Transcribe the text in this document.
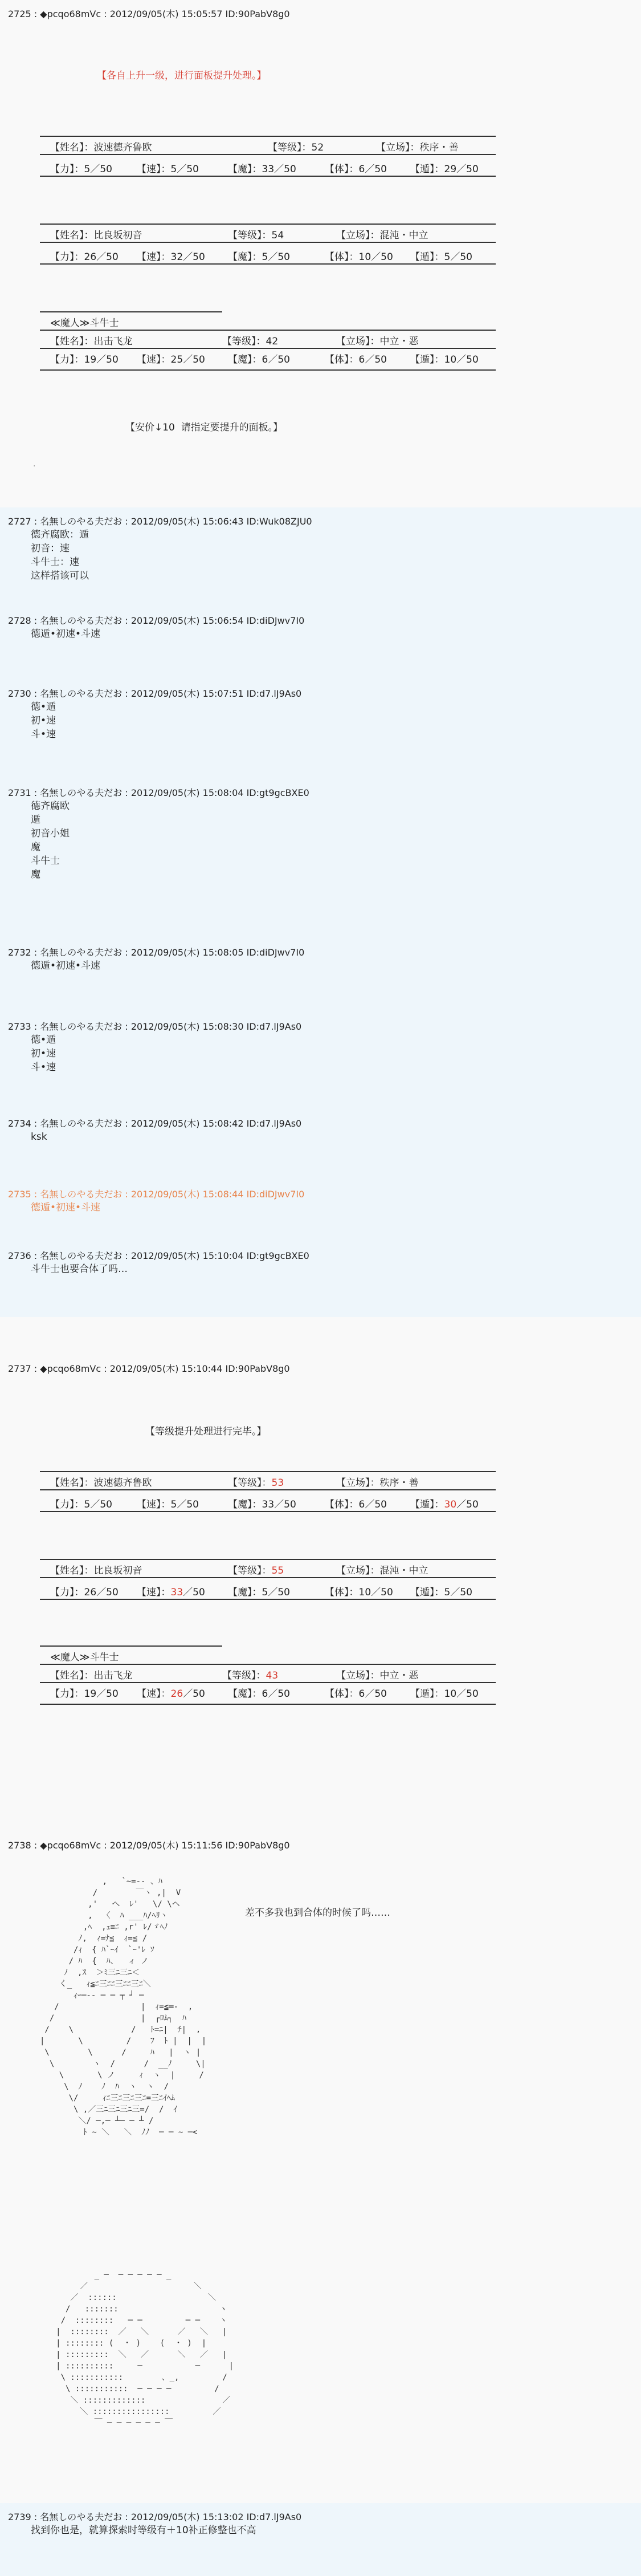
2725 : ◆pcqo68mVc : 2012/09/05(木) 15:05:57 ID:90PabV8g0
【各自上升一级，进行面板提升处理。】
【姓名】：波速德齐鲁欧	【等级】：52	【立场】：秩序・善
【力】：5／50	【速】：5／50	【魔】：33／50	【体】：6／50 【遁】：29／50
【姓名】：比良坂初音	【等级】：54	【立场】：混沌・中立
【力】：26／50 【速】：32／50 【魔】：5／50	【体】：10／50 【遁】：5／50
≪魔人≫斗牛士
【姓名】：出击飞龙	【等级】：42	【立场】：中立・恶
【力】：19／50 【速】：25／50 【魔】：6／50	【体】：6／50 【遁】：10／50
【安价↓10  请指定要提升的面板。】
.
2727 : 名無しのやる夫だお : 2012/09/05(木) 15:06:43 ID:Wuk08ZJU0
德齐腐欧：遁
初音：速
斗牛士：速
这样搭该可以
2728 : 名無しのやる夫だお : 2012/09/05(木) 15:06:54 ID:diDJwv7I0
德遁•初速•斗速
2730 : 名無しのやる夫だお : 2012/09/05(木) 15:07:51 ID:d7.lJ9As0
德•遁
初•速
斗•速
2731 : 名無しのやる夫だお : 2012/09/05(木) 15:08:04 ID:gt9gcBXE0
德齐腐欧
遁
初音小姐
魔
斗牛士
魔
2732 : 名無しのやる夫だお : 2012/09/05(木) 15:08:05 ID:diDJwv7I0
德遁•初速•斗速
2733 : 名無しのやる夫だお : 2012/09/05(木) 15:08:30 ID:d7.lJ9As0
德•遁
初•速
斗•速
2734 : 名無しのやる夫だお : 2012/09/05(木) 15:08:42 ID:d7.lJ9As0
ksk
2735 : 名無しのやる夫だお : 2012/09/05(木) 15:08:44 ID:diDJwv7I0
德遁•初速•斗速
2736 : 名無しのやる夫だお : 2012/09/05(木) 15:10:04 ID:gt9gcBXE0
斗牛士也要合体了吗…
2737 : ◆pcqo68mVc : 2012/09/05(木) 15:10:44 ID:90PabV8g0
【等级提升处理进行完毕。】
【姓名】：波速德齐鲁欧	【等级】：53	【立场】：秩序・善
【力】：5／50	【速】：5／50	【魔】：33／50	【体】：6／50 【遁】：30／50
【姓名】：比良坂初音	【等级】：55	【立场】：混沌・中立
【力】：26／50 【速】：33／50 【魔】：5／50	【体】：10／50 【遁】：5／50
≪魔人≫斗牛士
【姓名】：出击飞龙	【等级】：43	【立场】：中立・恶
【力】：19／50 【速】：26／50 【魔】：6／50	【体】：6／50 【遁】：10／50
2738 : ◆pcqo68mVc : 2012/09/05(木) 15:11:56 ID:90PabV8g0
,   `~=-- 、ﾊ
/        ￣ヽ ,|  V
,'   へ  ﾚ'   \/ \ヘ
,  〈  ﾊ ___ﾊ/ﾍﾘヽ
,ﾍ  ,ｪ≡ﾆ ,r' ﾚ/ゞﾍﾉ
ﾉ,  ｨ=ﾅ≦  ｨ=≦ /
/ｨ  { ﾊ`ｰｲ  `ｰ'ﾚ ｿ
/ ﾊ  {  ﾊ、  ィ ノ
ﾉ  ,ｽ  ＞ﾐ三ﾆ三ﾆ＜
く_   ｨ≦ﾆ三ﾆﾆ三ﾆﾆ三ﾆ＼
ｨｰ─-- ─ ─ ┬ ┘ ─
/                 |  ｨ=≦═-  ,
/                  |  ┌ﾛﾑ┐  ﾊ
/    \            /   ﾄ=ﾆ|  ﾁ|  ,
|       \         /    ﾌ  ﾄ |  |  |
\        \      /     ﾊ   |  ヽ |
\        ヽ  /      /  __ﾉ     \|
\       \ ノ     ｨ  ヽ  |     /
\  ﾉ    ﾉ  ﾊ  ヽ  ヽ  /
\/     ｨﾆ三ﾆ三ﾆ三ﾆ=三ﾆｲﾍﾑ
\ ,／三ﾆ三ﾆ三ﾆ三=/  /  ｲ
＼/ ─,─ ┴─ ─ ┴ /
ﾄ ~ ＼   ＼  ﾉﾉ  ─ ─ ~ ─<
差不多我也到合体的时候了吗……
_ ─  ─ ─ ─ ─ ─ _
／                      ＼
／  ::::::                   ＼
/   :::::::                     ヽ
/  ::::::::   ─ ─         ─ ─    ヽ
|  ::::::::  ／   ＼      ／   ＼   |
| :::::::: (  ・ )    (  ・ )  |
| :::::::::  ＼   ／      ＼   ／   |
| ::::::::::     ─           ─      |
\ :::::::::::        、_,         /
\ :::::::::::  ─ ─ ─ ─         /
＼ :::::::::::::                ／
＼ ::::::::::::::::         ／
￣ ─ ─ ─ ─ ─ ─ ￣
2739 : 名無しのやる夫だお : 2012/09/05(木) 15:13:02 ID:d7.lJ9As0
找到你也是，就算探索时等级有＋10补正修整也不高
